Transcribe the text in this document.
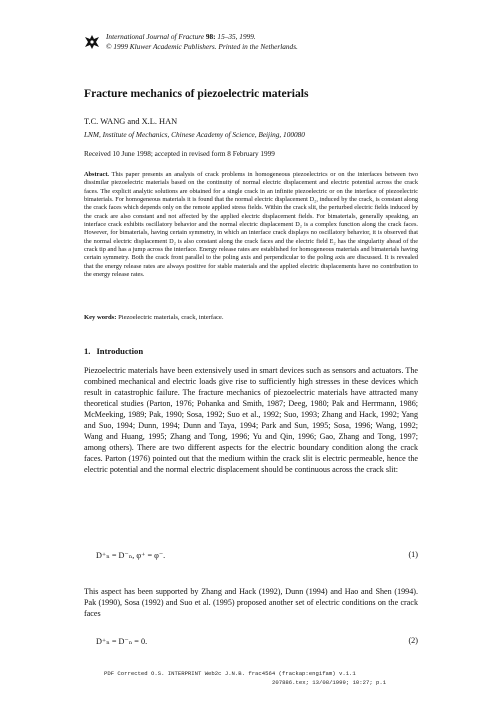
International Journal of Fracture 98: 15–35, 1999.
© 1999 Kluwer Academic Publishers. Printed in the Netherlands.
Fracture mechanics of piezoelectric materials
T.C. WANG and X.L. HAN
LNM, Institute of Mechanics, Chinese Academy of Science, Beijing, 100080
Received 10 June 1998; accepted in revised form 8 February 1999
Abstract. This paper presents an analysis of crack problems in homogeneous piezoelectrics or on the interfaces between two dissimilar piezoelectric materials based on the continuity of normal electric displacement and electric potential across the crack faces. The explicit analytic solutions are obtained for a single crack in an infinite piezoelectric or on the interface of piezoelectric bimaterials. For homogeneous materials it is found that the normal electric displacement D₂, induced by the crack, is constant along the crack faces which depends only on the remote applied stress fields. Within the crack slit, the perturbed electric fields induced by the crack are also constant and not affected by the applied electric displacement fields. For bimaterials, generally speaking, an interface crack exhibits oscillatory behavior and the normal electric displacement D₂ is a complex function along the crack faces. However, for bimaterials, having certain symmetry, in which an interface crack displays no oscillatory behavior, it is observed that the normal electric displacement D₂ is also constant along the crack faces and the electric field E₂ has the singularity ahead of the crack tip and has a jump across the interface. Energy release rates are established for homogeneous materials and bimaterials having certain symmetry. Both the crack front parallel to the poling axis and perpendicular to the poling axis are discussed. It is revealed that the energy release rates are always positive for stable materials and the applied electric displacements have no contribution to the energy release rates.
Key words: Piezoelectric materials, crack, interface.
1. Introduction
Piezoelectric materials have been extensively used in smart devices such as sensors and actuators. The combined mechanical and electric loads give rise to sufficiently high stresses in these devices which result in catastrophic failure. The fracture mechanics of piezoelectric materials have attracted many theoretical studies (Parton, 1976; Pohanka and Smith, 1987; Deeg, 1980; Pak and Herrmann, 1986; McMeeking, 1989; Pak, 1990; Sosa, 1992; Suo et al., 1992; Suo, 1993; Zhang and Hack, 1992; Yang and Suo, 1994; Dunn, 1994; Dunn and Taya, 1994; Park and Sun, 1995; Sosa, 1996; Wang, 1992; Wang and Huang, 1995; Zhang and Tong, 1996; Yu and Qin, 1996; Gao, Zhang and Tong, 1997; among others). There are two different aspects for the electric boundary condition along the crack faces. Parton (1976) pointed out that the medium within the crack slit is electric permeable, hence the electric potential and the normal electric displacement should be continuous across the crack slit:
D⁺ₙ = D⁻ₙ, φ⁺ = φ⁻.	(1)
This aspect has been supported by Zhang and Hack (1992), Dunn (1994) and Hao and Shen (1994). Pak (1990), Sosa (1992) and Suo et al. (1995) proposed another set of electric conditions on the crack faces
D⁺ₙ = D⁻ₙ = 0.	(2)
PDF Corrected O.S. INTERPRINT Web2c J.N.B. frac4564 (frackap:engifam) v.1.1
207886.tex; 13/08/1999; 10:27; p.1
